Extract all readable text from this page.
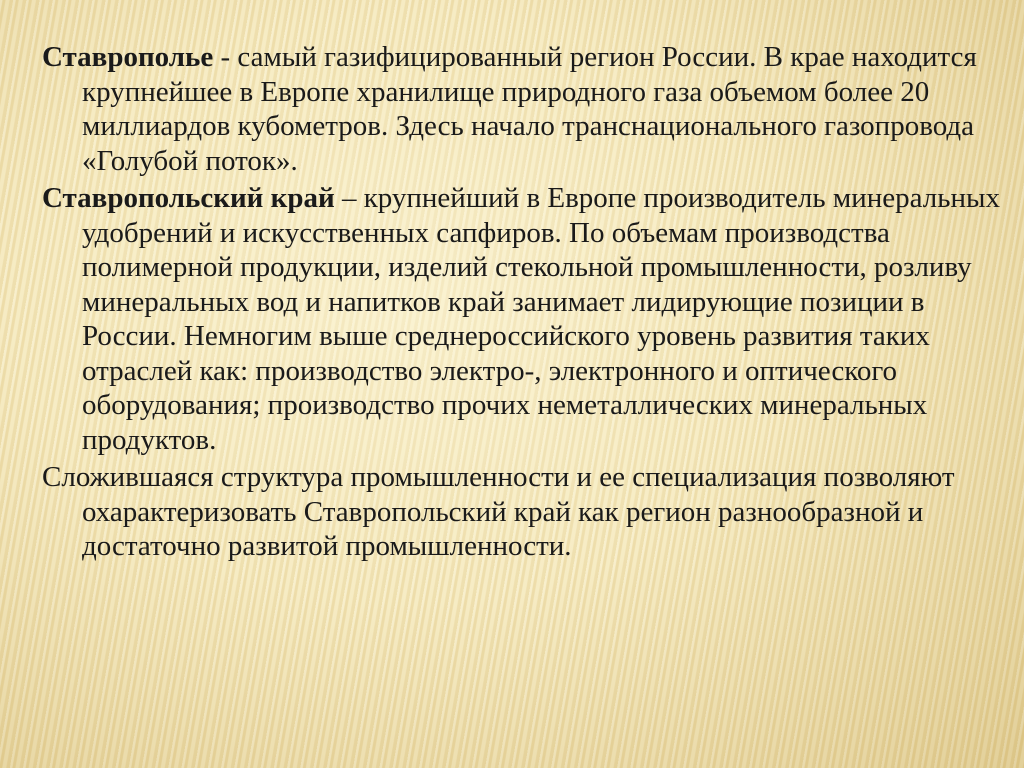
Ставрополье - самый газифицированный регион России. В крае находится крупнейшее в Европе хранилище природного газа объемом более 20 миллиардов кубометров. Здесь начало транснационального газопровода «Голубой поток».

Ставропольский край – крупнейший в Европе производитель минеральных удобрений и искусственных сапфиров. По объемам производства полимерной продукции, изделий стекольной промышленности, розливу минеральных вод и напитков край занимает лидирующие позиции в России. Немногим выше среднероссийского уровень развития таких отраслей как: производство электро-, электронного и оптического оборудования; производство прочих неметаллических минеральных продуктов.

Сложившаяся структура промышленности и ее специализация позволяют охарактеризовать Ставропольский край как регион разнообразной и достаточно развитой промышленности.
